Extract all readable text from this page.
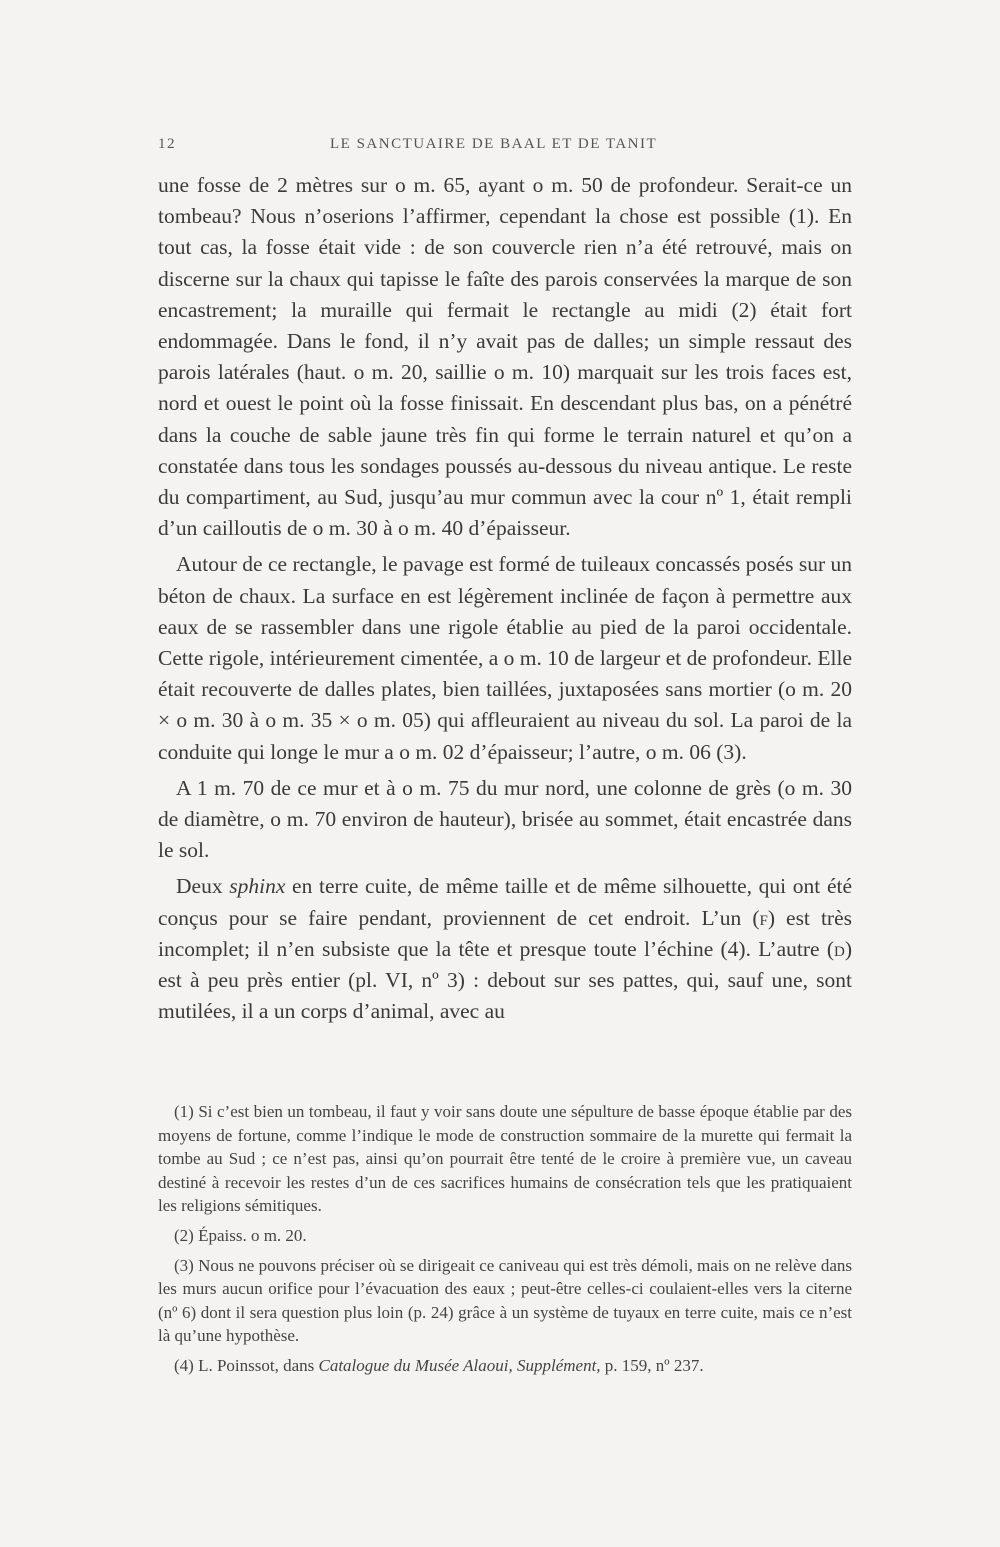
12	LE SANCTUAIRE DE BAAL ET DE TANIT

une fosse de 2 mètres sur o m. 65, ayant o m. 50 de profondeur. Serait-ce un tombeau? Nous n’oserions l’affirmer, cependant la chose est possible (1). En tout cas, la fosse était vide : de son couvercle rien n’a été retrouvé, mais on discerne sur la chaux qui tapisse le faîte des parois conservées la marque de son encastrement; la muraille qui fermait le rectangle au midi (2) était fort endommagée. Dans le fond, il n’y avait pas de dalles; un simple ressaut des parois latérales (haut. o m. 20, saillie o m. 10) marquait sur les trois faces est, nord et ouest le point où la fosse finissait. En descendant plus bas, on a pénétré dans la couche de sable jaune très fin qui forme le terrain naturel et qu’on a constatée dans tous les sondages poussés au-dessous du niveau antique. Le reste du compartiment, au Sud, jusqu’au mur commun avec la cour nº 1, était rempli d’un cailloutis de o m. 30 à o m. 40 d’épaisseur.

Autour de ce rectangle, le pavage est formé de tuileaux concassés posés sur un béton de chaux. La surface en est légèrement inclinée de façon à permettre aux eaux de se rassembler dans une rigole établie au pied de la paroi occidentale. Cette rigole, intérieurement cimentée, a o m. 10 de largeur et de profondeur. Elle était recouverte de dalles plates, bien taillées, juxtaposées sans mortier (o m. 20 × o m. 30 à o m. 35 × o m. 05) qui affleuraient au niveau du sol. La paroi de la conduite qui longe le mur a o m. 02 d’épaisseur; l’autre, o m. 06 (3).

A 1 m. 70 de ce mur et à o m. 75 du mur nord, une colonne de grès (o m. 30 de diamètre, o m. 70 environ de hauteur), brisée au sommet, était encastrée dans le sol.

Deux sphinx en terre cuite, de même taille et de même silhouette, qui ont été conçus pour se faire pendant, proviennent de cet endroit. L’un (f) est très incomplet; il n’en subsiste que la tête et presque toute l’échine (4). L’autre (d) est à peu près entier (pl. VI, nº 3) : debout sur ses pattes, qui, sauf une, sont mutilées, il a un corps d’animal, avec au

(1) Si c’est bien un tombeau, il faut y voir sans doute une sépulture de basse époque établie par des moyens de fortune, comme l’indique le mode de construction sommaire de la murette qui fermait la tombe au Sud ; ce n’est pas, ainsi qu’on pourrait être tenté de le croire à première vue, un caveau destiné à recevoir les restes d’un de ces sacrifices humains de consécration tels que les pratiquaient les religions sémitiques.

(2) Épaiss. o m. 20.

(3) Nous ne pouvons préciser où se dirigeait ce caniveau qui est très démoli, mais on ne relève dans les murs aucun orifice pour l’évacuation des eaux ; peut-être celles-ci coulaient-elles vers la citerne (nº 6) dont il sera question plus loin (p. 24) grâce à un système de tuyaux en terre cuite, mais ce n’est là qu’une hypothèse.

(4) L. Poinssot, dans Catalogue du Musée Alaoui, Supplément, p. 159, nº 237.
